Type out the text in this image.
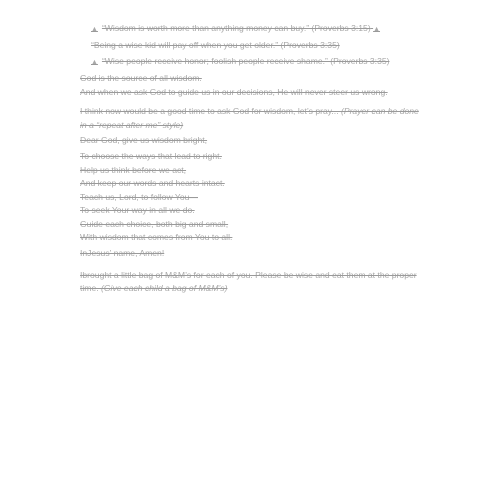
▲ “Wisdom is worth more than anything money can buy.” (Proverbs 3:15) ▲
“Being a wise kid will pay off when you get older.” (Proverbs 3:35)
▲ “Wise people receive honor; foolish people receive shame.” (Proverbs 3:35)
God is the source of all wisdom.
And when we ask God to guide us in our decisions, He will never steer us wrong.
I think now would be a good time to ask God for wisdom, let’s pray... (Prayer can be done in a “repeat after me” style)
Dear God, give us wisdom bright,
To choose the ways that lead to right.
Help us think before we act,
And keep our words and hearts intact.
Teach us, Lord, to follow You—
To seek Your way in all we do.
Guide each choice, both big and small,
With wisdom that comes from You to all.
InJesus’ name, Amen!
Ibrought a little bag of M&M’s for each of you. Please be wise and eat them at the proper time. (Give each child a bag of M&M’s)
